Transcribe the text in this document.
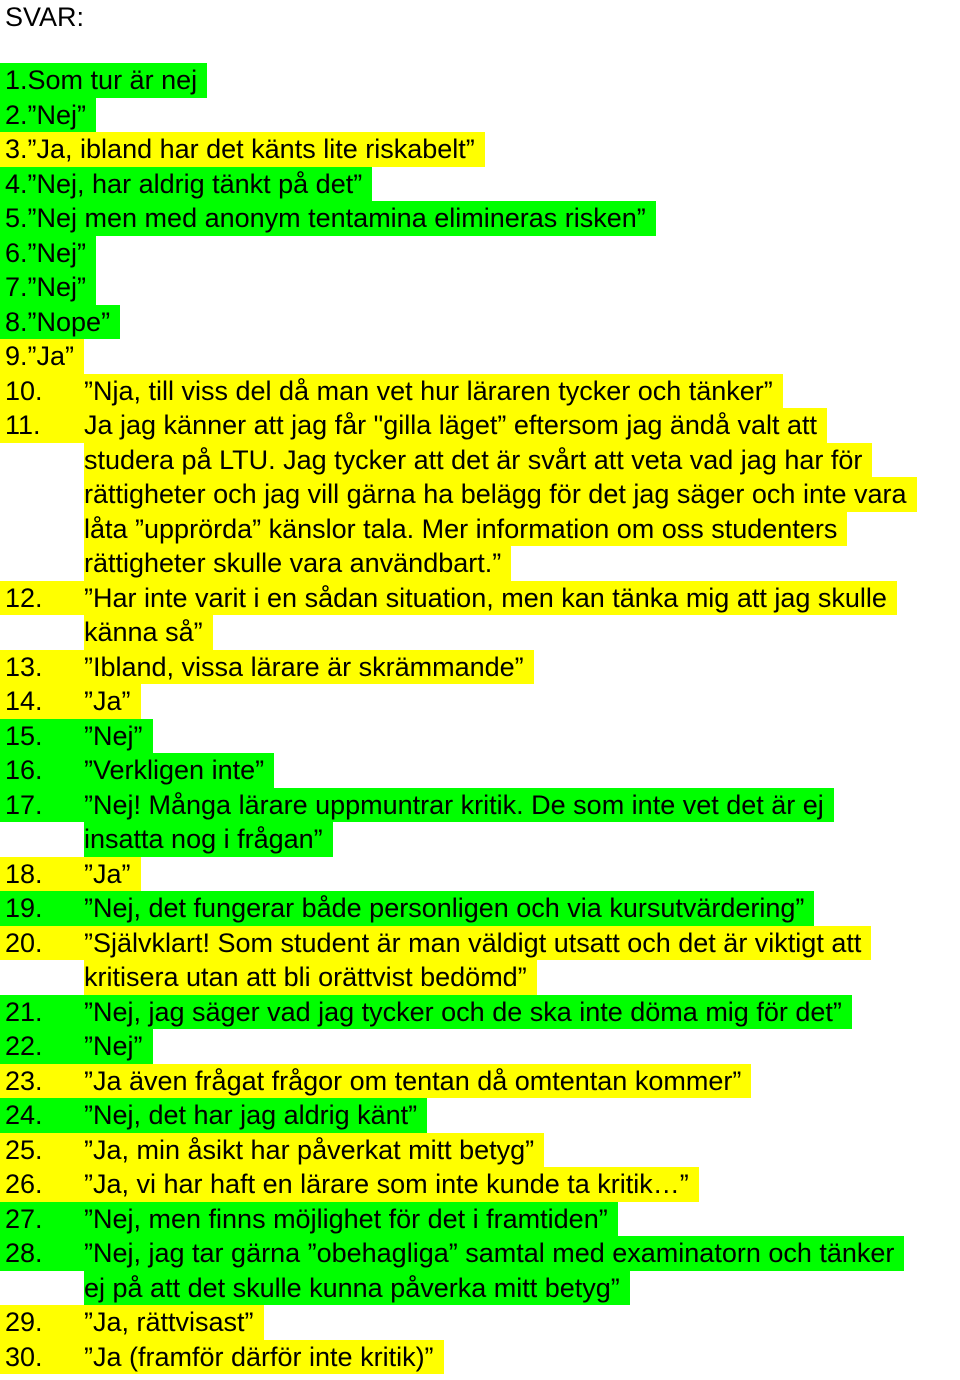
SVAR:
1.Som tur är nej
2.”Nej”
3.”Ja, ibland har det känts lite riskabelt”
4.”Nej, har aldrig tänkt på det”
5.”Nej men med anonym tentamina elimineras risken”
6.”Nej”
7.”Nej”
8.”Nope”
9.”Ja”
10.	”Nja, till viss del då man vet hur läraren tycker och tänker”
11.	Ja jag känner att jag får "gilla läget” eftersom jag ändå valt att
studera på LTU. Jag tycker att det är svårt att veta vad jag har för
rättigheter och jag vill gärna ha belägg för det jag säger och inte vara
låta ”upprörda” känslor tala. Mer information om oss studenters
rättigheter skulle vara användbart.”
12.	”Har inte varit i en sådan situation, men kan tänka mig att jag skulle
känna så”
13.	”Ibland, vissa lärare är skrämmande”
14.	”Ja”
15.	”Nej”
16.	”Verkligen inte”
17.	”Nej! Många lärare uppmuntrar kritik. De som inte vet det är ej
insatta nog i frågan”
18.	”Ja”
19.	”Nej, det fungerar både personligen och via kursutvärdering”
20.	”Självklart! Som student är man väldigt utsatt och det är viktigt att
kritisera utan att bli orättvist bedömd”
21.	”Nej, jag säger vad jag tycker och de ska inte döma mig för det”
22.	”Nej”
23.	”Ja även frågat frågor om tentan då omtentan kommer”
24.	”Nej, det har jag aldrig känt”
25.	”Ja, min åsikt har påverkat mitt betyg”
26.	”Ja, vi har haft en lärare som inte kunde ta kritik…”
27.	”Nej, men finns möjlighet för det i framtiden”
28.	”Nej, jag tar gärna ”obehagliga” samtal med examinatorn och tänker
ej på att det skulle kunna påverka mitt betyg”
29.	”Ja, rättvisast”
30.	”Ja (framför därför inte kritik)”
